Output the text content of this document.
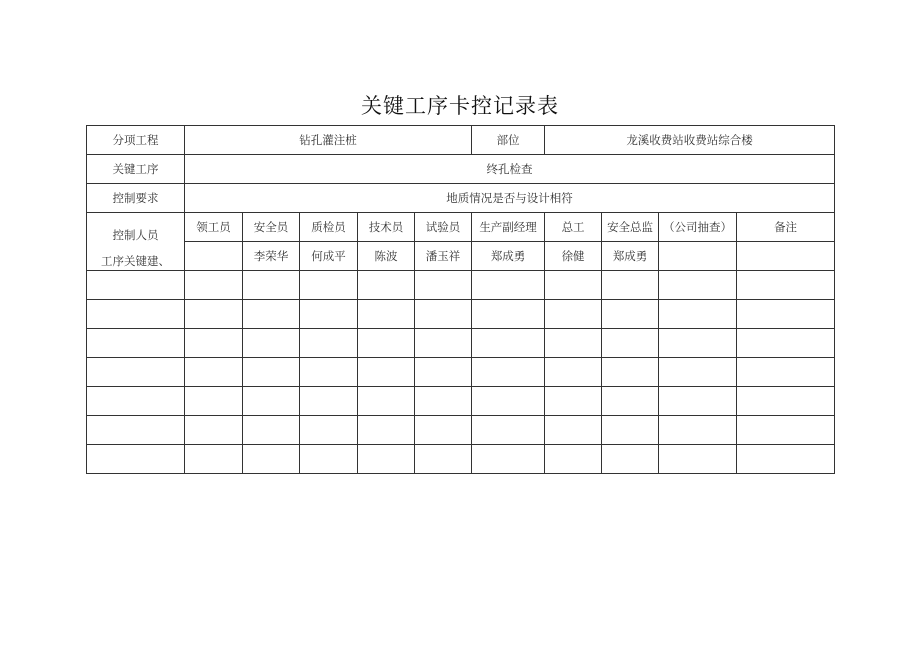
关键工序卡控记录表
分项工程	钻孔灌注桩					部位	龙溪收费站收费站综合楼			
关键工序	终孔检查									
控制要求	地质情况是否与设计相符									

控制人员
工序关键建、	领工员	安全员	质检员	技术员	试验员	生产副经理	总工	安全总监	（公司抽查）	备注
		李荣华	何成平	陈波	潘玉祥	郑成勇	徐健	郑成勇		
